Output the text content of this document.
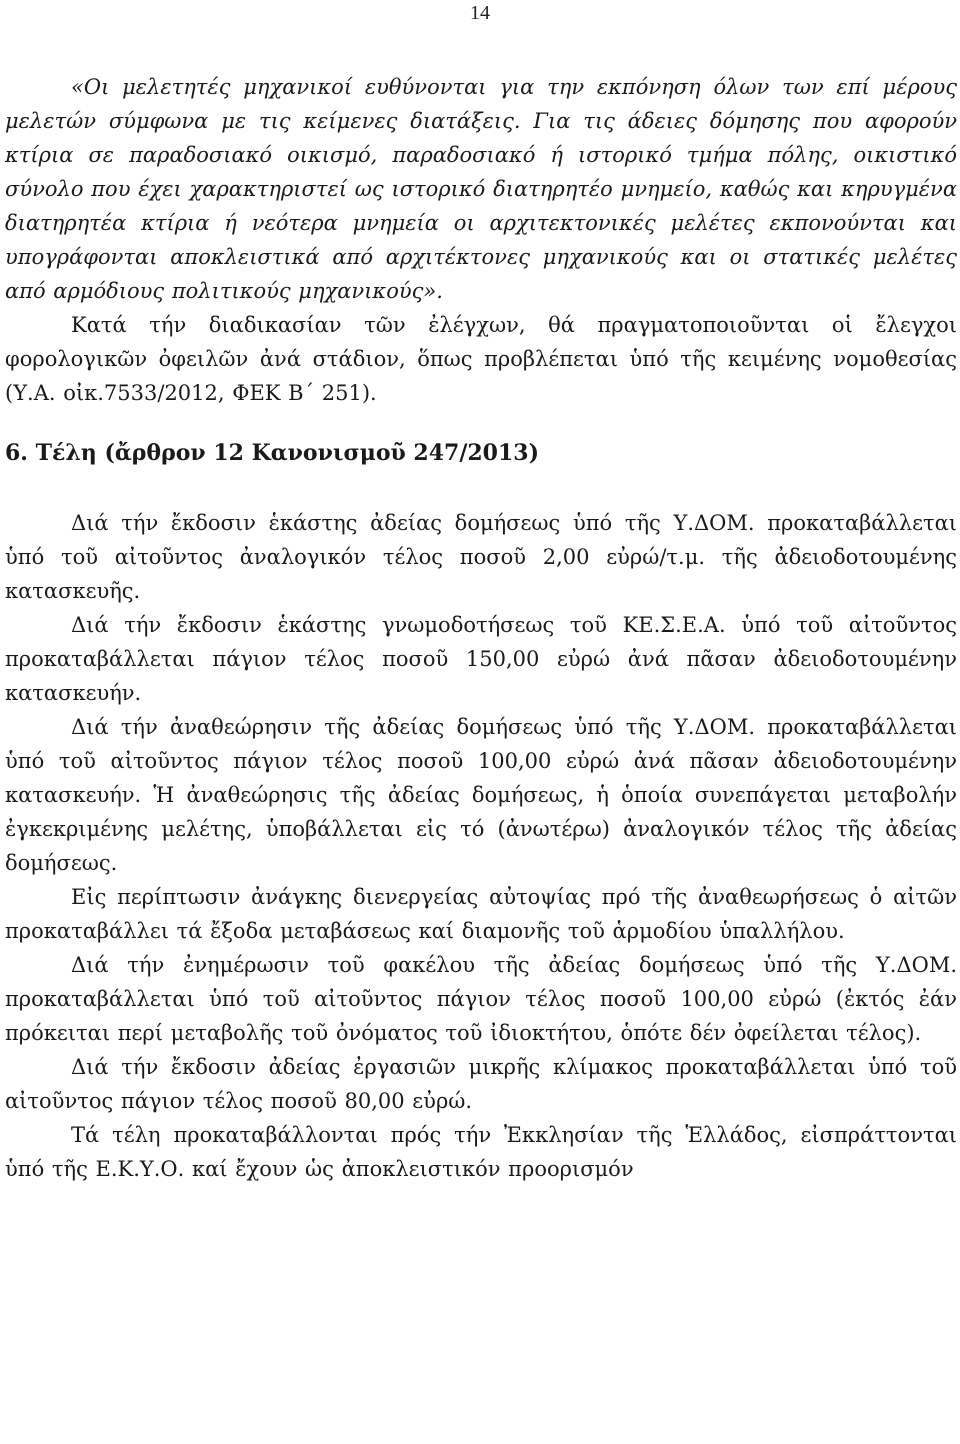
14

«Οι μελετητές μηχανικοί ευθύνονται για την εκπόνηση όλων των επί μέρους μελετών σύμφωνα με τις κείμενες διατάξεις. Για τις άδειες δόμησης που αφορούν κτίρια σε παραδοσιακό οικισμό, παραδοσιακό ή ιστορικό τμήμα πόλης, οικιστικό σύνολο που έχει χαρακτηριστεί ως ιστορικό διατηρητέο μνημείο, καθώς και κηρυγμένα διατηρητέα κτίρια ή νεότερα μνημεία οι αρχιτεκτονικές μελέτες εκπονούνται και υπογράφονται αποκλειστικά από αρχιτέκτονες μηχανικούς και οι στατικές μελέτες από αρμόδιους πολιτικούς μηχανικούς».

Κατά τήν διαδικασίαν τῶν ἐλέγχων, θά πραγματοποιοῦνται οἱ ἔλεγχοι φορολογικῶν ὀφειλῶν ἀνά στάδιον, ὅπως προβλέπεται ὑπό τῆς κειμένης νομοθεσίας (Υ.Α. οἰκ.7533/2012, ΦΕΚ Β΄ 251).

6. Τέλη (ἄρθρον 12 Κανονισμοῦ 247/2013)

Διά τήν ἔκδοσιν ἑκάστης ἀδείας δομήσεως ὑπό τῆς Υ.ΔΟΜ. προκαταβάλλεται ὑπό τοῦ αἰτοῦντος ἀναλογικόν τέλος ποσοῦ 2,00 εὐρώ/τ.μ. τῆς ἀδειοδοτουμένης κατασκευῆς.

Διά τήν ἔκδοσιν ἑκάστης γνωμοδοτήσεως τοῦ ΚΕ.Σ.Ε.Α. ὑπό τοῦ αἰτοῦντος προκαταβάλλεται πάγιον τέλος ποσοῦ 150,00 εὐρώ ἀνά πᾶσαν ἀδειοδοτουμένην κατασκευήν.

Διά τήν ἀναθεώρησιν τῆς ἀδείας δομήσεως ὑπό τῆς Υ.ΔΟΜ. προκαταβάλλεται ὑπό τοῦ αἰτοῦντος πάγιον τέλος ποσοῦ 100,00 εὐρώ ἀνά πᾶσαν ἀδειοδοτουμένην κατασκευήν. Ἡ ἀναθεώρησις τῆς ἀδείας δομήσεως, ἡ ὁποία συνεπάγεται μεταβολήν ἐγκεκριμένης μελέτης, ὑποβάλλεται εἰς τό (ἀνωτέρω) ἀναλογικόν τέλος τῆς ἀδείας δομήσεως.

Εἰς περίπτωσιν ἀνάγκης διενεργείας αὐτοψίας πρό τῆς ἀναθεωρήσεως ὁ αἰτῶν προκαταβάλλει τά ἔξοδα μεταβάσεως καί διαμονῆς τοῦ ἁρμοδίου ὑπαλλήλου.

Διά τήν ἐνημέρωσιν τοῦ φακέλου τῆς ἀδείας δομήσεως ὑπό τῆς Υ.ΔΟΜ. προκαταβάλλεται ὑπό τοῦ αἰτοῦντος πάγιον τέλος ποσοῦ 100,00 εὐρώ (ἐκτός ἐάν πρόκειται περί μεταβολῆς τοῦ ὀνόματος τοῦ ἰδιοκτήτου, ὁπότε δέν ὀφείλεται τέλος).

Διά τήν ἔκδοσιν ἀδείας ἐργασιῶν μικρῆς κλίμακος προκαταβάλλεται ὑπό τοῦ αἰτοῦντος πάγιον τέλος ποσοῦ 80,00 εὐρώ.

Τά τέλη προκαταβάλλονται πρός τήν Ἐκκλησίαν τῆς Ἑλλάδος, εἰσπράττονται ὑπό τῆς Ε.Κ.Υ.Ο. καί ἔχουν ὡς ἀποκλειστικόν προορισμόν
